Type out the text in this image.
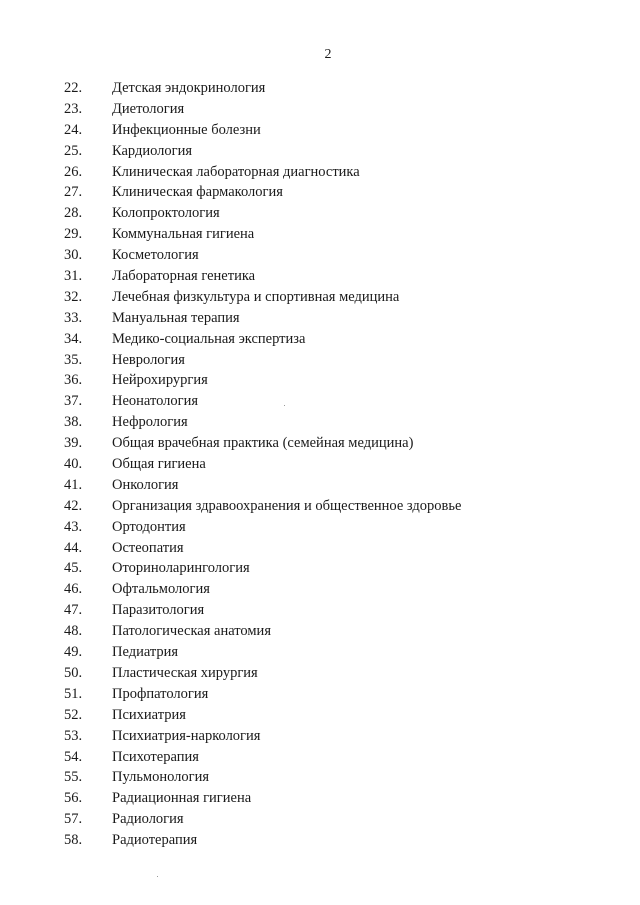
2
22. Детская эндокринология
23. Диетология
24. Инфекционные болезни
25. Кардиология
26. Клиническая лабораторная диагностика
27. Клиническая фармакология
28. Колопроктология
29. Коммунальная гигиена
30. Косметология
31. Лабораторная генетика
32. Лечебная физкультура и спортивная медицина
33. Мануальная терапия
34. Медико-социальная экспертиза
35. Неврология
36. Нейрохирургия
37. Неонатология
38. Нефрология
39. Общая врачебная практика (семейная медицина)
40. Общая гигиена
41. Онкология
42. Организация здравоохранения и общественное здоровье
43. Ортодонтия
44. Остеопатия
45. Оториноларингология
46. Офтальмология
47. Паразитология
48. Патологическая анатомия
49. Педиатрия
50. Пластическая хирургия
51. Профпатология
52. Психиатрия
53. Психиатрия-наркология
54. Психотерапия
55. Пульмонология
56. Радиационная гигиена
57. Радиология
58. Радиотерапия
